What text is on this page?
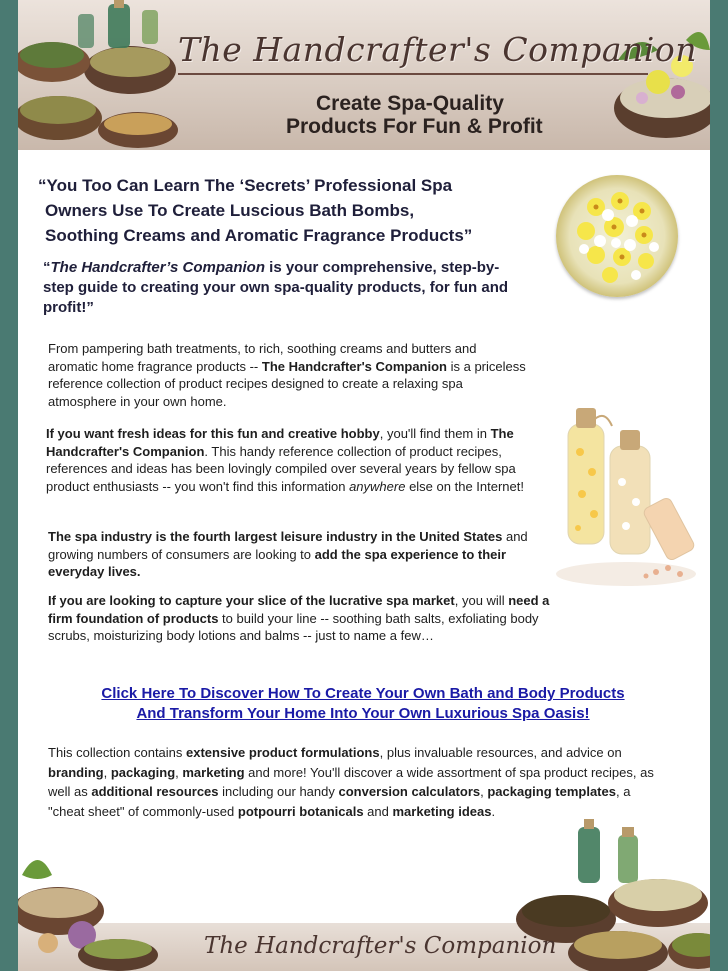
The Handcrafter's Companion
Create Spa-Quality
Products For Fun & Profit
“You Too Can Learn The ‘Secrets’ Professional Spa
Owners Use To Create Luscious Bath Bombs,
Soothing Creams and Aromatic Fragrance Products”
“The Handcrafter’s Companion is your comprehensive, step-by-step guide to creating your own spa-quality products, for fun and profit!”
From pampering bath treatments, to rich, soothing creams and butters and aromatic home fragrance products -- The Handcrafter's Companion is a priceless reference collection of product recipes designed to create a relaxing spa atmosphere in your own home.
If you want fresh ideas for this fun and creative hobby, you'll find them in The Handcrafter's Companion. This handy reference collection of product recipes, references and ideas has been lovingly compiled over several years by fellow spa product enthusiasts -- you won't find this information anywhere else on the Internet!
The spa industry is the fourth largest leisure industry in the United States and growing numbers of consumers are looking to add the spa experience to their everyday lives.
If you are looking to capture your slice of the lucrative spa market, you will need a firm foundation of products to build your line -- soothing bath salts, exfoliating body scrubs, moisturizing body lotions and balms -- just to name a few…
Click Here To Discover How To Create Your Own Bath and Body Products
And Transform Your Home Into Your Own Luxurious Spa Oasis!
This collection contains extensive product formulations, plus invaluable resources, and advice on branding, packaging, marketing and more! You'll discover a wide assortment of spa product recipes, as well as additional resources including our handy conversion calculators, packaging templates, a "cheat sheet" of commonly-used potpourri botanicals and marketing ideas.
The Handcrafter's Companion
